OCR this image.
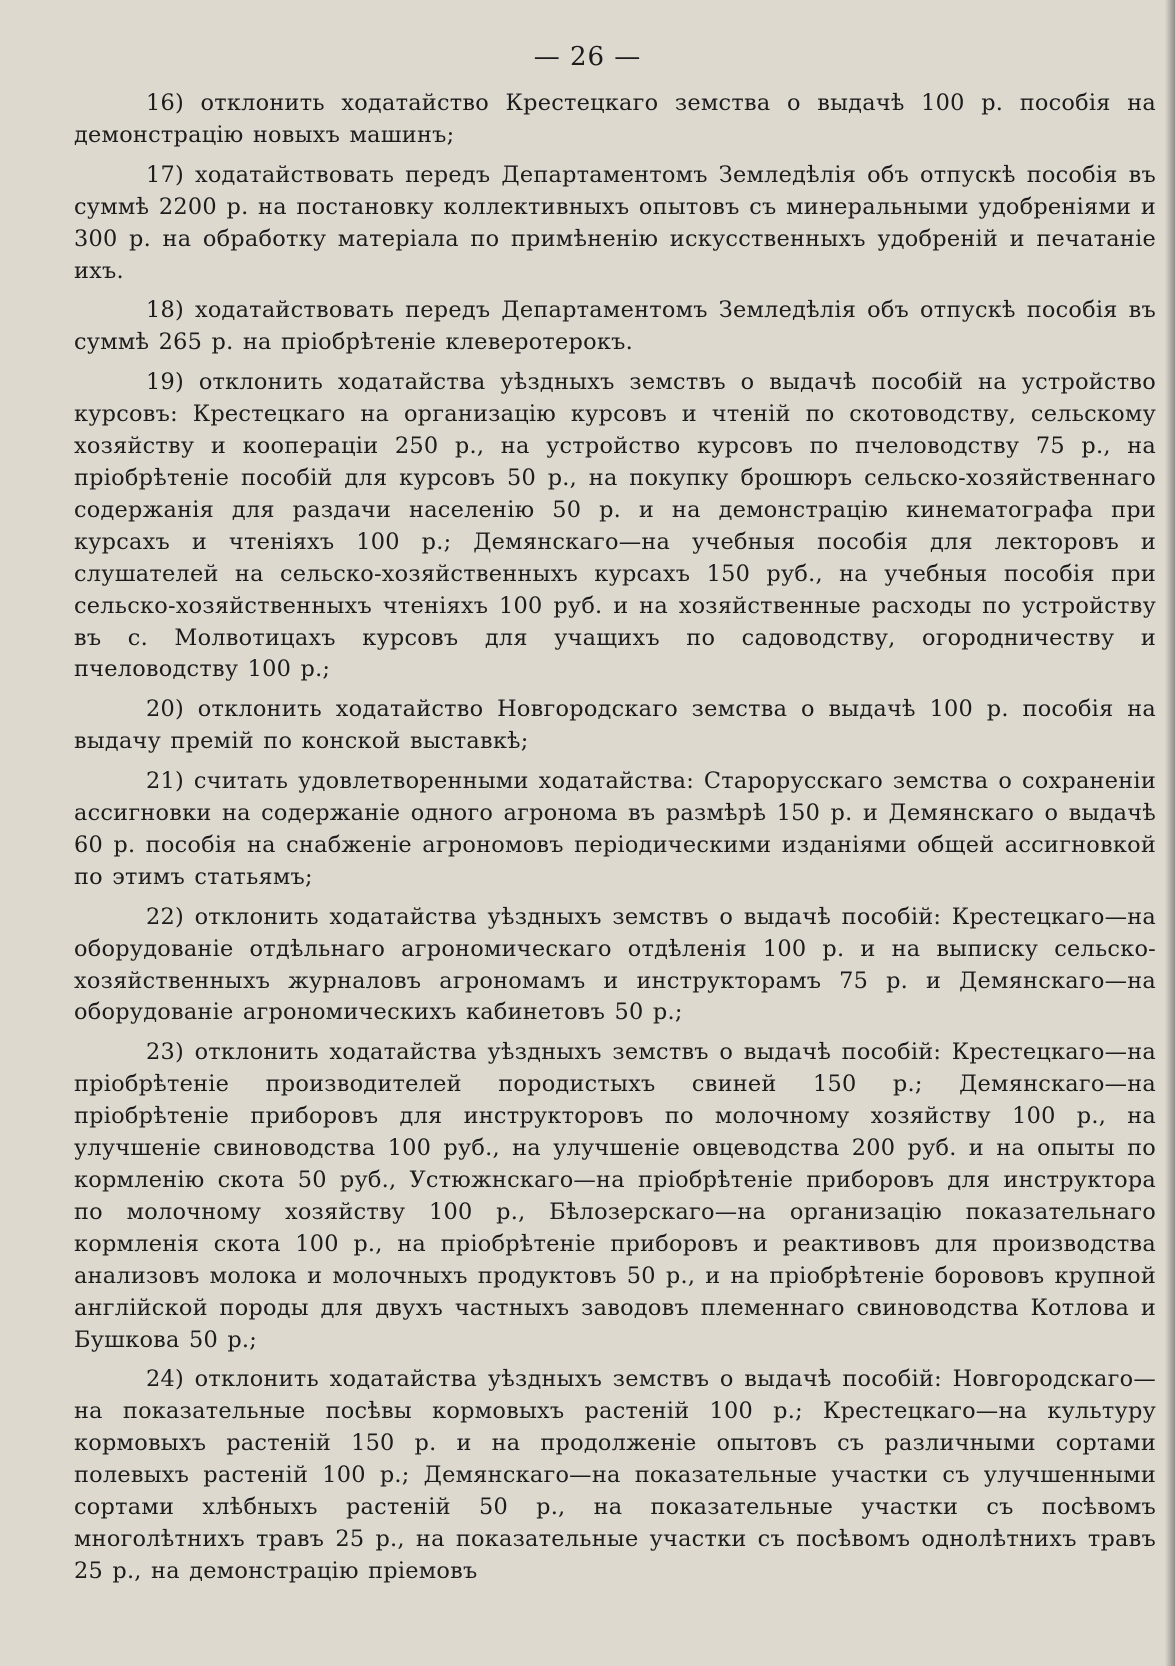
— 26 —

16) отклонить ходатайство Крестецкаго земства о выдачѣ 100 р. пособія на демонстрацію новыхъ машинъ;

17) ходатайствовать передъ Департаментомъ Земледѣлія объ отпускѣ пособія въ суммѣ 2200 р. на постановку коллективныхъ опытовъ съ минеральными удобреніями и 300 р. на обработку матеріала по примѣненію искусственныхъ удобреній и печатаніе ихъ.

18) ходатайствовать передъ Департаментомъ Земледѣлія объ отпускѣ пособія въ суммѣ 265 р. на пріобрѣтеніе клеверотерокъ.

19) отклонить ходатайства уѣздныхъ земствъ о выдачѣ пособій на устройство курсовъ: Крестецкаго на организацію курсовъ и чтеній по скотоводству, сельскому хозяйству и коопераціи 250 р., на устройство курсовъ по пчеловодству 75 р., на пріобрѣтеніе пособій для курсовъ 50 р., на покупку брошюръ сельско-хозяйственнаго содержанія для раздачи населенію 50 р. и на демонстрацію кинематографа при курсахъ и чтеніяхъ 100 р.; Демянскаго—на учебныя пособія для лекторовъ и слушателей на сельско-хозяйственныхъ курсахъ 150 руб., на учебныя пособія при сельско-хозяйственныхъ чтеніяхъ 100 руб. и на хозяйственные расходы по устройству въ с. Молвотицахъ курсовъ для учащихъ по садоводству, огородничеству и пчеловодству 100 р.;

20) отклонить ходатайство Новгородскаго земства о выдачѣ 100 р. пособія на выдачу премій по конской выставкѣ;

21) считать удовлетворенными ходатайства: Старорусскаго земства о сохраненіи ассигновки на содержаніе одного агронома въ размѣрѣ 150 р. и Демянскаго о выдачѣ 60 р. пособія на снабженіе агрономовъ періодическими изданіями общей ассигновкой по этимъ статьямъ;

22) отклонить ходатайства уѣздныхъ земствъ о выдачѣ пособій: Крестецкаго—на оборудованіе отдѣльнаго агрономическаго отдѣленія 100 р. и на выписку сельско-хозяйственныхъ журналовъ агрономамъ и инструкторамъ 75 р. и Демянскаго—на оборудованіе агрономическихъ кабинетовъ 50 р.;

23) отклонить ходатайства уѣздныхъ земствъ о выдачѣ пособій: Крестецкаго—на пріобрѣтеніе производителей породистыхъ свиней 150 р.; Демянскаго—на пріобрѣтеніе приборовъ для инструкторовъ по молочному хозяйству 100 р., на улучшеніе свиноводства 100 руб., на улучшеніе овцеводства 200 руб. и на опыты по кормленію скота 50 руб., Устюжнскаго—на пріобрѣтеніе приборовъ для инструктора по молочному хозяйству 100 р., Бѣлозерскаго—на организацію показательнаго кормленія скота 100 р., на пріобрѣтеніе приборовъ и реактивовъ для производства анализовъ молока и молочныхъ продуктовъ 50 р., и на пріобрѣтеніе борововъ крупной англійской породы для двухъ частныхъ заводовъ племеннаго свиноводства Котлова и Бушкова 50 р.;

24) отклонить ходатайства уѣздныхъ земствъ о выдачѣ пособій: Новгородскаго—на показательные посѣвы кормовыхъ растеній 100 р.; Крестецкаго—на культуру кормовыхъ растеній 150 р. и на продолженіе опытовъ съ различными сортами полевыхъ растеній 100 р.; Демянскаго—на показательные участки съ улучшенными сортами хлѣбныхъ растеній 50 р., на показательные участки съ посѣвомъ многолѣтнихъ травъ 25 р., на показательные участки съ посѣвомъ однолѣтнихъ травъ 25 р., на демонстрацію пріемовъ
